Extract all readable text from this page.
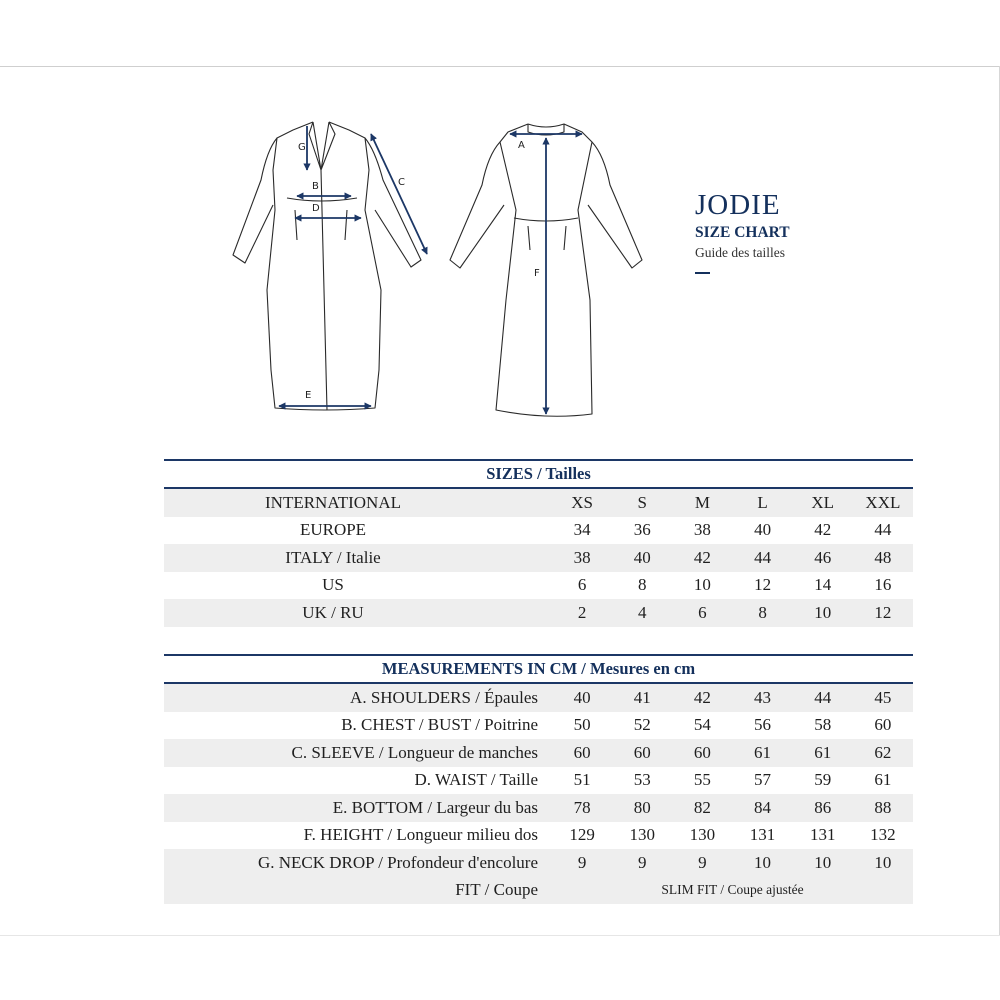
G
B
D
C
E
A
F
JODIE
SIZE CHART
Guide des tailles
SIZES / Tailles						
INTERNATIONAL	XS	S	M	L	XL	XXL
EUROPE	34	36	38	40	42	44
ITALY / Italie	38	40	42	44	46	48
US	6	8	10	12	14	16
UK / RU	2	4	6	8	10	12
MEASUREMENTS IN CM / Mesures en cm						
A. SHOULDERS / Épaules	40	41	42	43	44	45
B. CHEST / BUST / Poitrine	50	52	54	56	58	60
C. SLEEVE / Longueur de manches	60	60	60	61	61	62
D. WAIST / Taille	51	53	55	57	59	61
E. BOTTOM / Largeur du bas	78	80	82	84	86	88
F. HEIGHT / Longueur milieu dos	129	130	130	131	131	132
G. NECK DROP / Profondeur d'encolure	9	9	9	10	10	10
FIT / Coupe	SLIM FIT / Coupe ajustée					
